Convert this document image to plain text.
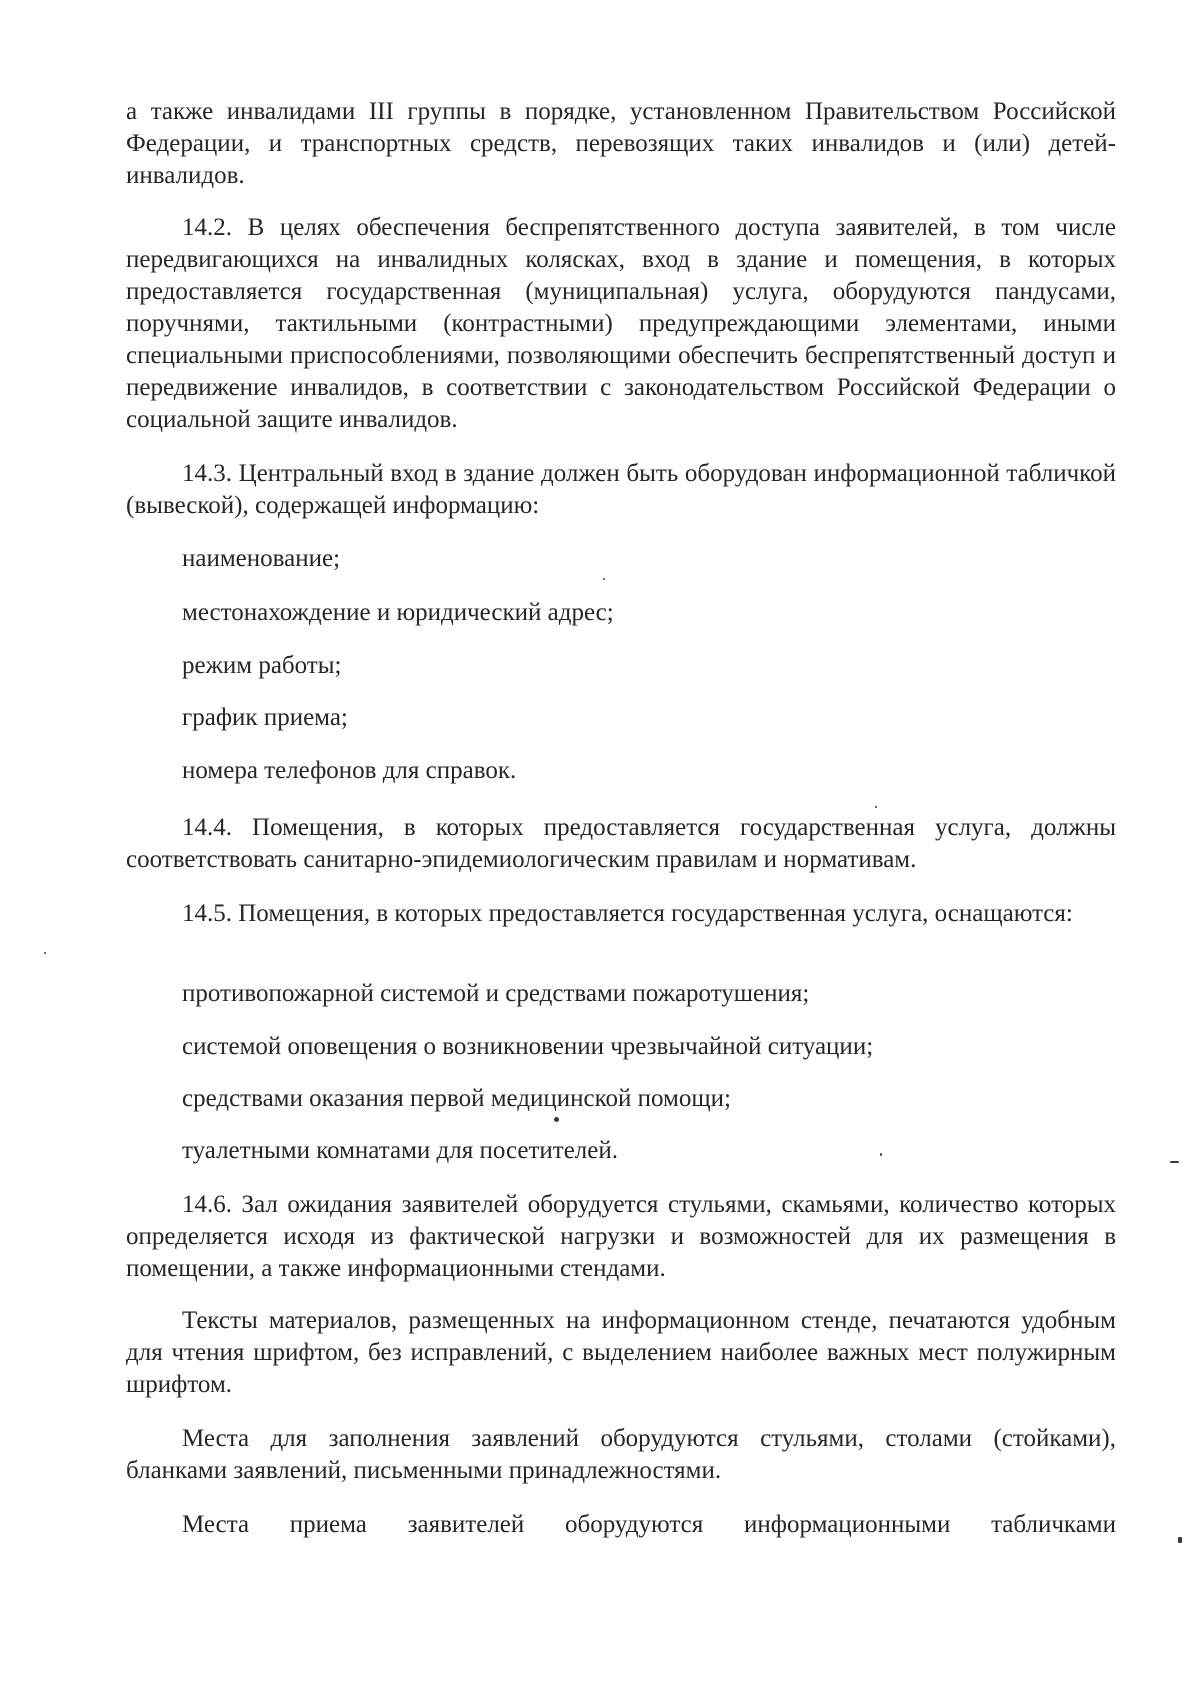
а также инвалидами III группы в порядке, установленном Правительством Российской Федерации, и транспортных средств, перевозящих таких инвалидов и (или) детей-инвалидов.

14.2. В целях обеспечения беспрепятственного доступа заявителей, в том числе передвигающихся на инвалидных колясках, вход в здание и помещения, в которых предоставляется государственная (муниципальная) услуга, оборудуются пандусами, поручнями, тактильными (контрастными) предупреждающими элементами, иными специальными приспособлениями, позволяющими обеспечить беспрепятственный доступ и передвижение инвалидов, в соответствии с законодательством Российской Федерации о социальной защите инвалидов.

14.3. Центральный вход в здание должен быть оборудован информационной табличкой (вывеской), содержащей информацию:

наименование;

местонахождение и юридический адрес;

режим работы;

график приема;

номера телефонов для справок.

14.4. Помещения, в которых предоставляется государственная услуга, должны соответствовать санитарно-эпидемиологическим правилам и нормативам.

14.5. Помещения, в которых предоставляется государственная услуга, оснащаются:

противопожарной системой и средствами пожаротушения;

системой оповещения о возникновении чрезвычайной ситуации;

средствами оказания первой медицинской помощи;

туалетными комнатами для посетителей.

14.6. Зал ожидания заявителей оборудуется стульями, скамьями, количество которых определяется исходя из фактической нагрузки и возможностей для их размещения в помещении, а также информационными стендами.

Тексты материалов, размещенных на информационном стенде, печатаются удобным для чтения шрифтом, без исправлений, с выделением наиболее важных мест полужирным шрифтом.

Места для заполнения заявлений оборудуются стульями, столами (стойками), бланками заявлений, письменными принадлежностями.

Места приема заявителей оборудуются информационными табличками
